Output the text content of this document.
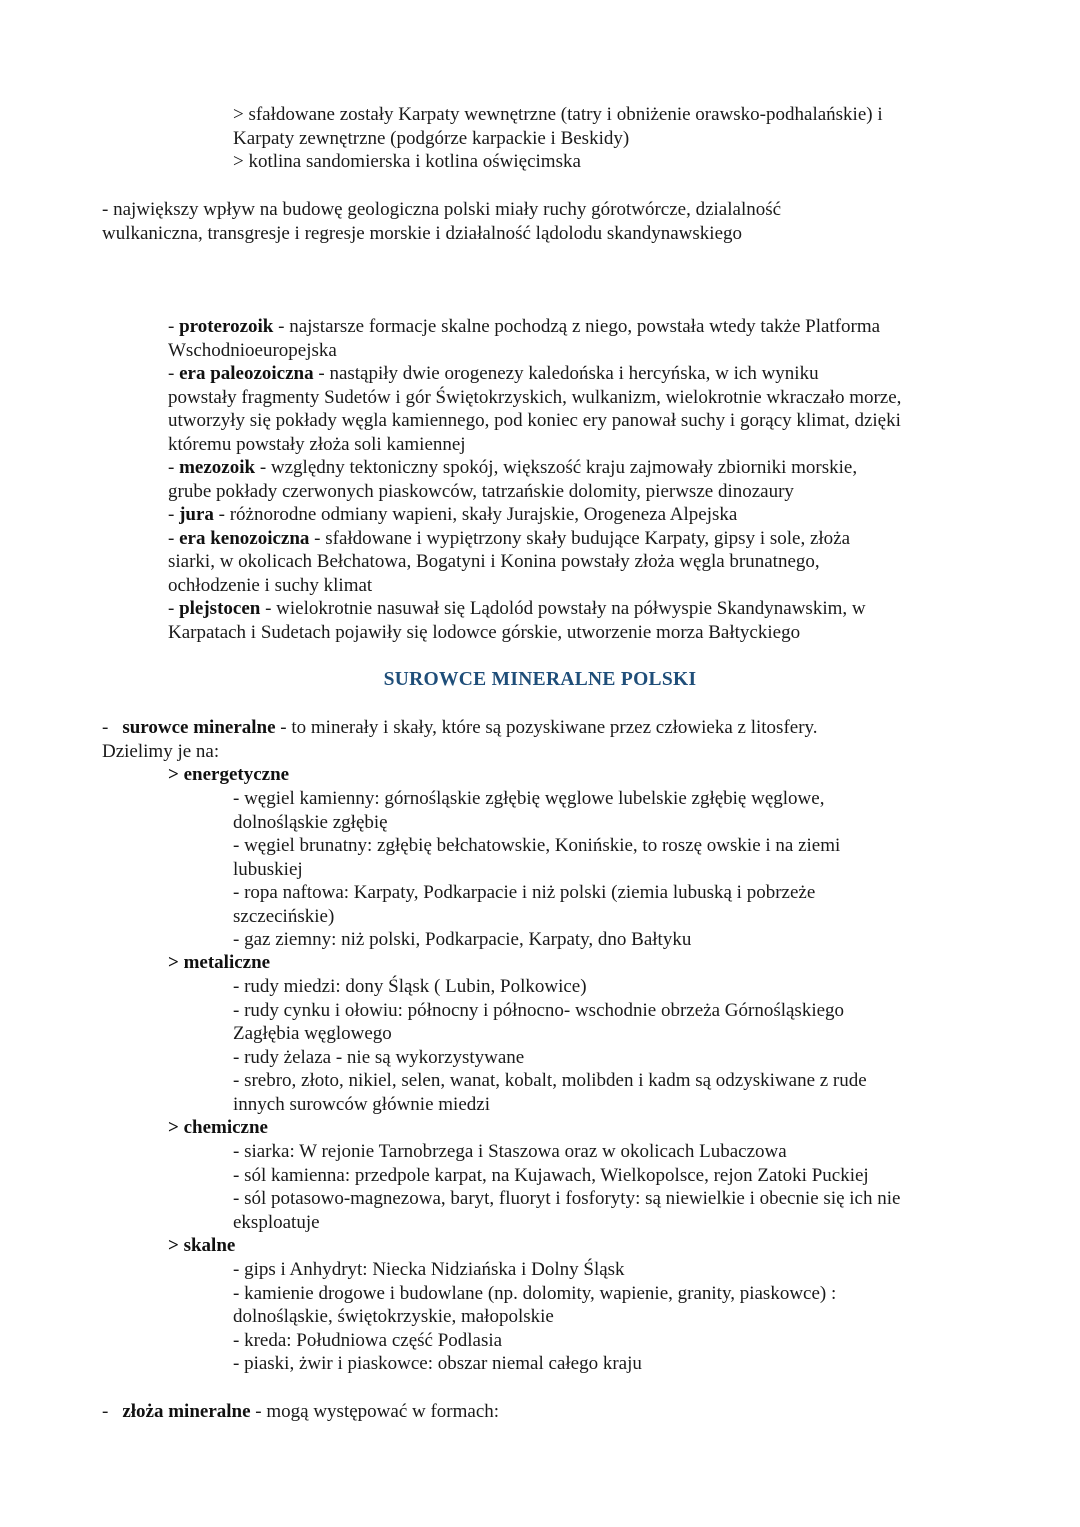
> sfałdowane zostały Karpaty wewnętrzne (tatry i obniżenie orawsko-podhalańskie) i
Karpaty zewnętrzne (podgórze karpackie i Beskidy)
> kotlina sandomierska i kotlina oświęcimska
- największy wpływ na budowę geologiczna polski miały ruchy górotwórcze, dzialalność
wulkaniczna, transgresje i regresje morskie i działalność lądolodu skandynawskiego
- proterozoik - najstarsze formacje skalne pochodzą z niego, powstała wtedy także Platforma
Wschodnioeuropejska
- era paleozoiczna - nastąpiły dwie orogenezy kaledońska i hercyńska, w ich wyniku
powstały fragmenty Sudetów i gór Świętokrzyskich, wulkanizm, wielokrotnie wkraczało morze,
utworzyły się pokłady węgla kamiennego, pod koniec ery panował suchy i gorący klimat, dzięki
któremu powstały złoża soli kamiennej
- mezozoik - względny tektoniczny spokój, większość kraju zajmowały zbiorniki morskie,
grube pokłady czerwonych piaskowców, tatrzańskie dolomity, pierwsze dinozaury
- jura - różnorodne odmiany wapieni, skały Jurajskie, Orogeneza Alpejska
- era kenozoiczna - sfałdowane i wypiętrzony skały budujące Karpaty, gipsy i sole, złoża
siarki, w okolicach Bełchatowa, Bogatyni i Konina powstały złoża węgla brunatnego,
ochłodzenie i suchy klimat
- plejstocen - wielokrotnie nasuwał się Lądolód powstały na półwyspie Skandynawskim, w
Karpatach i Sudetach pojawiły się lodowce górskie, utworzenie morza Bałtyckiego
SUROWCE MINERALNE POLSKI
- surowce mineralne - to minerały i skały, które są pozyskiwane przez człowieka z litosfery.
Dzielimy je na:
> energetyczne
- węgiel kamienny: górnośląskie zgłębię węglowe lubelskie zgłębię węglowe,
dolnośląskie zgłębię
- węgiel brunatny: zgłębię bełchatowskie, Konińskie, to roszę owskie i na ziemi
lubuskiej
- ropa naftowa: Karpaty, Podkarpacie i niż polski (ziemia lubuską i pobrzeże
szczecińskie)
- gaz ziemny: niż polski, Podkarpacie, Karpaty, dno Bałtyku
> metaliczne
- rudy miedzi: dony Śląsk ( Lubin, Polkowice)
- rudy cynku i ołowiu: północny i północno- wschodnie obrzeża Górnośląskiego
Zagłębia węglowego
- rudy żelaza - nie są wykorzystywane
- srebro, złoto, nikiel, selen, wanat, kobalt, molibden i kadm są odzyskiwane z rude
innych surowców głównie miedzi
> chemiczne
- siarka: W rejonie Tarnobrzega i Staszowa oraz w okolicach Lubaczowa
- sól kamienna: przedpole karpat, na Kujawach, Wielkopolsce, rejon Zatoki Puckiej
- sól potasowo-magnezowa, baryt, fluoryt i fosforyty: są niewielkie i obecnie się ich nie
eksploatuje
> skalne
- gips i Anhydryt: Niecka Nidziańska i Dolny Śląsk
- kamienie drogowe i budowlane (np. dolomity, wapienie, granity, piaskowce) :
dolnośląskie, świętokrzyskie, małopolskie
- kreda: Południowa część Podlasia
- piaski, żwir i piaskowce: obszar niemal całego kraju
- złoża mineralne - mogą występować w formach:
